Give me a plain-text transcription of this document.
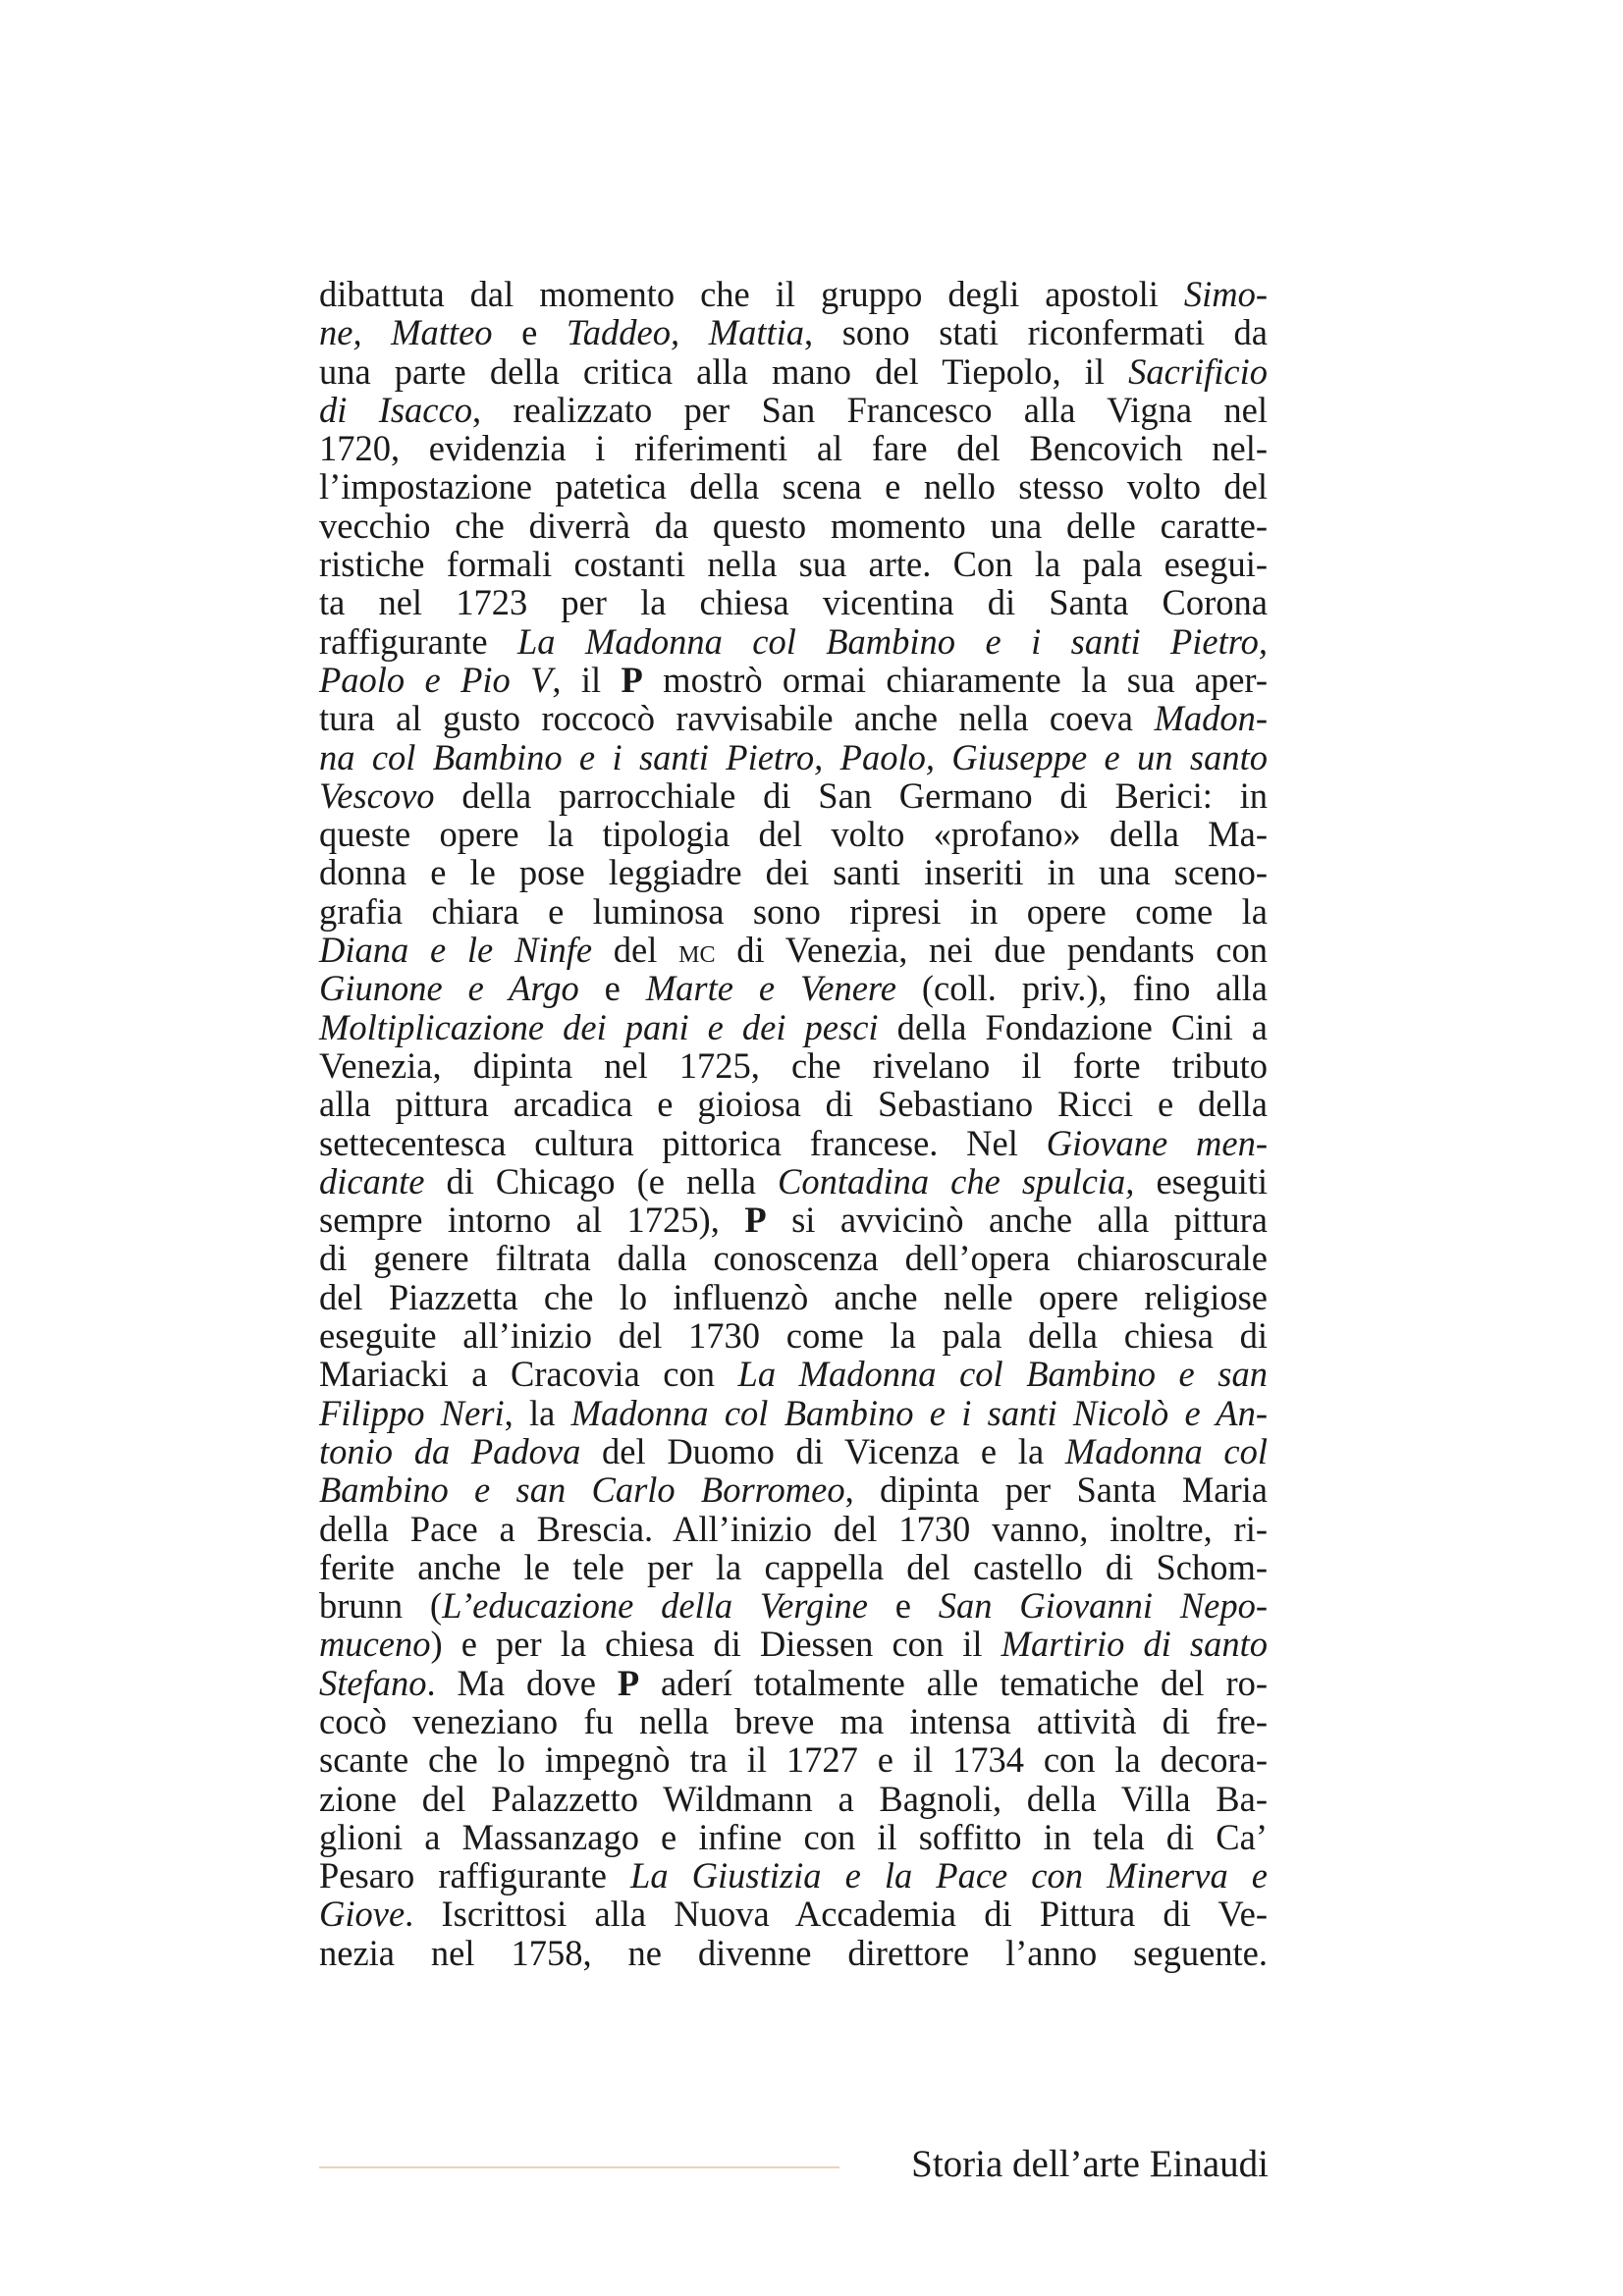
dibattuta dal momento che il gruppo degli apostoli Simo-
ne, Matteo e Taddeo, Mattia, sono stati riconfermati da
una parte della critica alla mano del Tiepolo, il Sacrificio
di Isacco, realizzato per San Francesco alla Vigna nel
1720, evidenzia i riferimenti al fare del Bencovich nel-
l’impostazione patetica della scena e nello stesso volto del
vecchio che diverrà da questo momento una delle caratte-
ristiche formali costanti nella sua arte. Con la pala esegui-
ta nel 1723 per la chiesa vicentina di Santa Corona
raffigurante La Madonna col Bambino e i santi Pietro,
Paolo e Pio V, il P mostrò ormai chiaramente la sua aper-
tura al gusto roccocò ravvisabile anche nella coeva Madon-
na col Bambino e i santi Pietro, Paolo, Giuseppe e un santo
Vescovo della parrocchiale di San Germano di Berici: in
queste opere la tipologia del volto «profano» della Ma-
donna e le pose leggiadre dei santi inseriti in una sceno-
grafia chiara e luminosa sono ripresi in opere come la
Diana e le Ninfe del mc di Venezia, nei due pendants con
Giunone e Argo e Marte e Venere (coll. priv.), fino alla
Moltiplicazione dei pani e dei pesci della Fondazione Cini a
Venezia, dipinta nel 1725, che rivelano il forte tributo
alla pittura arcadica e gioiosa di Sebastiano Ricci e della
settecentesca cultura pittorica francese. Nel Giovane men-
dicante di Chicago (e nella Contadina che spulcia, eseguiti
sempre intorno al 1725), P si avvicinò anche alla pittura
di genere filtrata dalla conoscenza dell’opera chiaroscurale
del Piazzetta che lo influenzò anche nelle opere religiose
eseguite all’inizio del 1730 come la pala della chiesa di
Mariacki a Cracovia con La Madonna col Bambino e san
Filippo Neri, la Madonna col Bambino e i santi Nicolò e An-
tonio da Padova del Duomo di Vicenza e la Madonna col
Bambino e san Carlo Borromeo, dipinta per Santa Maria
della Pace a Brescia. All’inizio del 1730 vanno, inoltre, ri-
ferite anche le tele per la cappella del castello di Schom-
brunn (L’educazione della Vergine e San Giovanni Nepo-
muceno) e per la chiesa di Diessen con il Martirio di santo
Stefano. Ma dove P aderí totalmente alle tematiche del ro-
cocò veneziano fu nella breve ma intensa attività di fre-
scante che lo impegnò tra il 1727 e il 1734 con la decora-
zione del Palazzetto Wildmann a Bagnoli, della Villa Ba-
glioni a Massanzago e infine con il soffitto in tela di Ca’
Pesaro raffigurante La Giustizia e la Pace con Minerva e
Giove. Iscrittosi alla Nuova Accademia di Pittura di Ve-
nezia nel 1758, ne divenne direttore l’anno seguente.
Storia dell’arte Einaudi
